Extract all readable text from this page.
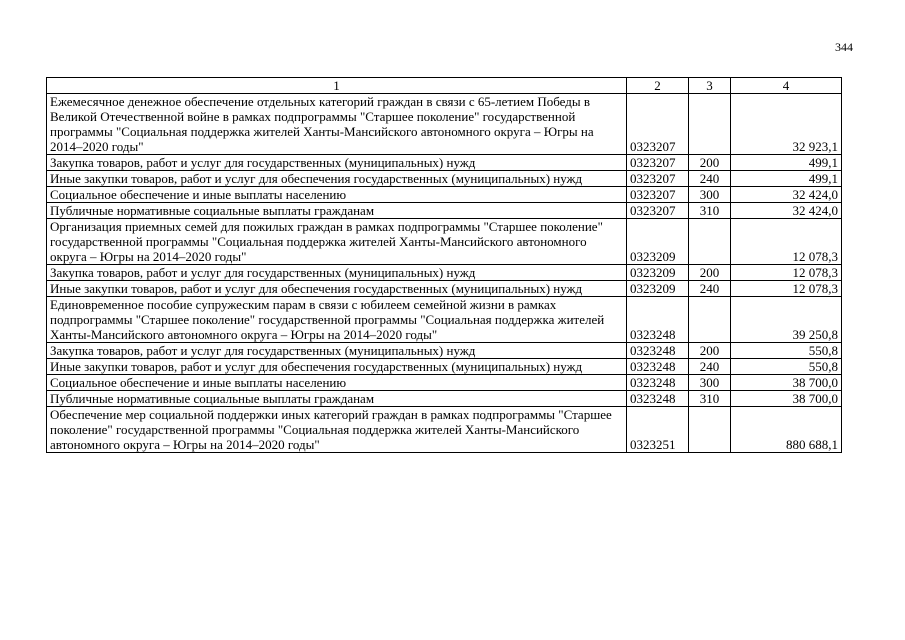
344
1	2	3	4
Ежемесячное денежное обеспечение отдельных категорий граждан в связи с 65-летием Победы в Великой Отечественной войне в рамках подпрограммы "Старшее поколение" государственной программы "Социальная поддержка жителей Ханты-Мансийского автономного округа – Югры на 2014–2020 годы"	0323207		32 923,1
Закупка товаров, работ и услуг для государственных (муниципальных) нужд	0323207	200	499,1
Иные закупки товаров, работ и услуг для обеспечения государственных (муниципальных) нужд	0323207	240	499,1
Социальное обеспечение и иные выплаты населению	0323207	300	32 424,0
Публичные нормативные социальные выплаты гражданам	0323207	310	32 424,0
Организация приемных семей для пожилых граждан в рамках подпрограммы "Старшее поколение" государственной программы "Социальная поддержка жителей Ханты-Мансийского автономного округа – Югры на 2014–2020 годы"	0323209		12 078,3
Закупка товаров, работ и услуг для государственных (муниципальных) нужд	0323209	200	12 078,3
Иные закупки товаров, работ и услуг для обеспечения государственных (муниципальных) нужд	0323209	240	12 078,3
Единовременное пособие супружеским парам в связи с юбилеем семейной жизни в рамках подпрограммы "Старшее поколение" государственной программы "Социальная поддержка жителей Ханты-Мансийского автономного округа – Югры на 2014–2020 годы"	0323248		39 250,8
Закупка товаров, работ и услуг для государственных (муниципальных) нужд	0323248	200	550,8
Иные закупки товаров, работ и услуг для обеспечения государственных (муниципальных) нужд	0323248	240	550,8
Социальное обеспечение и иные выплаты населению	0323248	300	38 700,0
Публичные нормативные социальные выплаты гражданам	0323248	310	38 700,0
Обеспечение мер социальной поддержки иных категорий граждан в рамках подпрограммы "Старшее поколение" государственной программы "Социальная поддержка жителей Ханты-Мансийского автономного округа – Югры на 2014–2020 годы"	0323251		880 688,1
